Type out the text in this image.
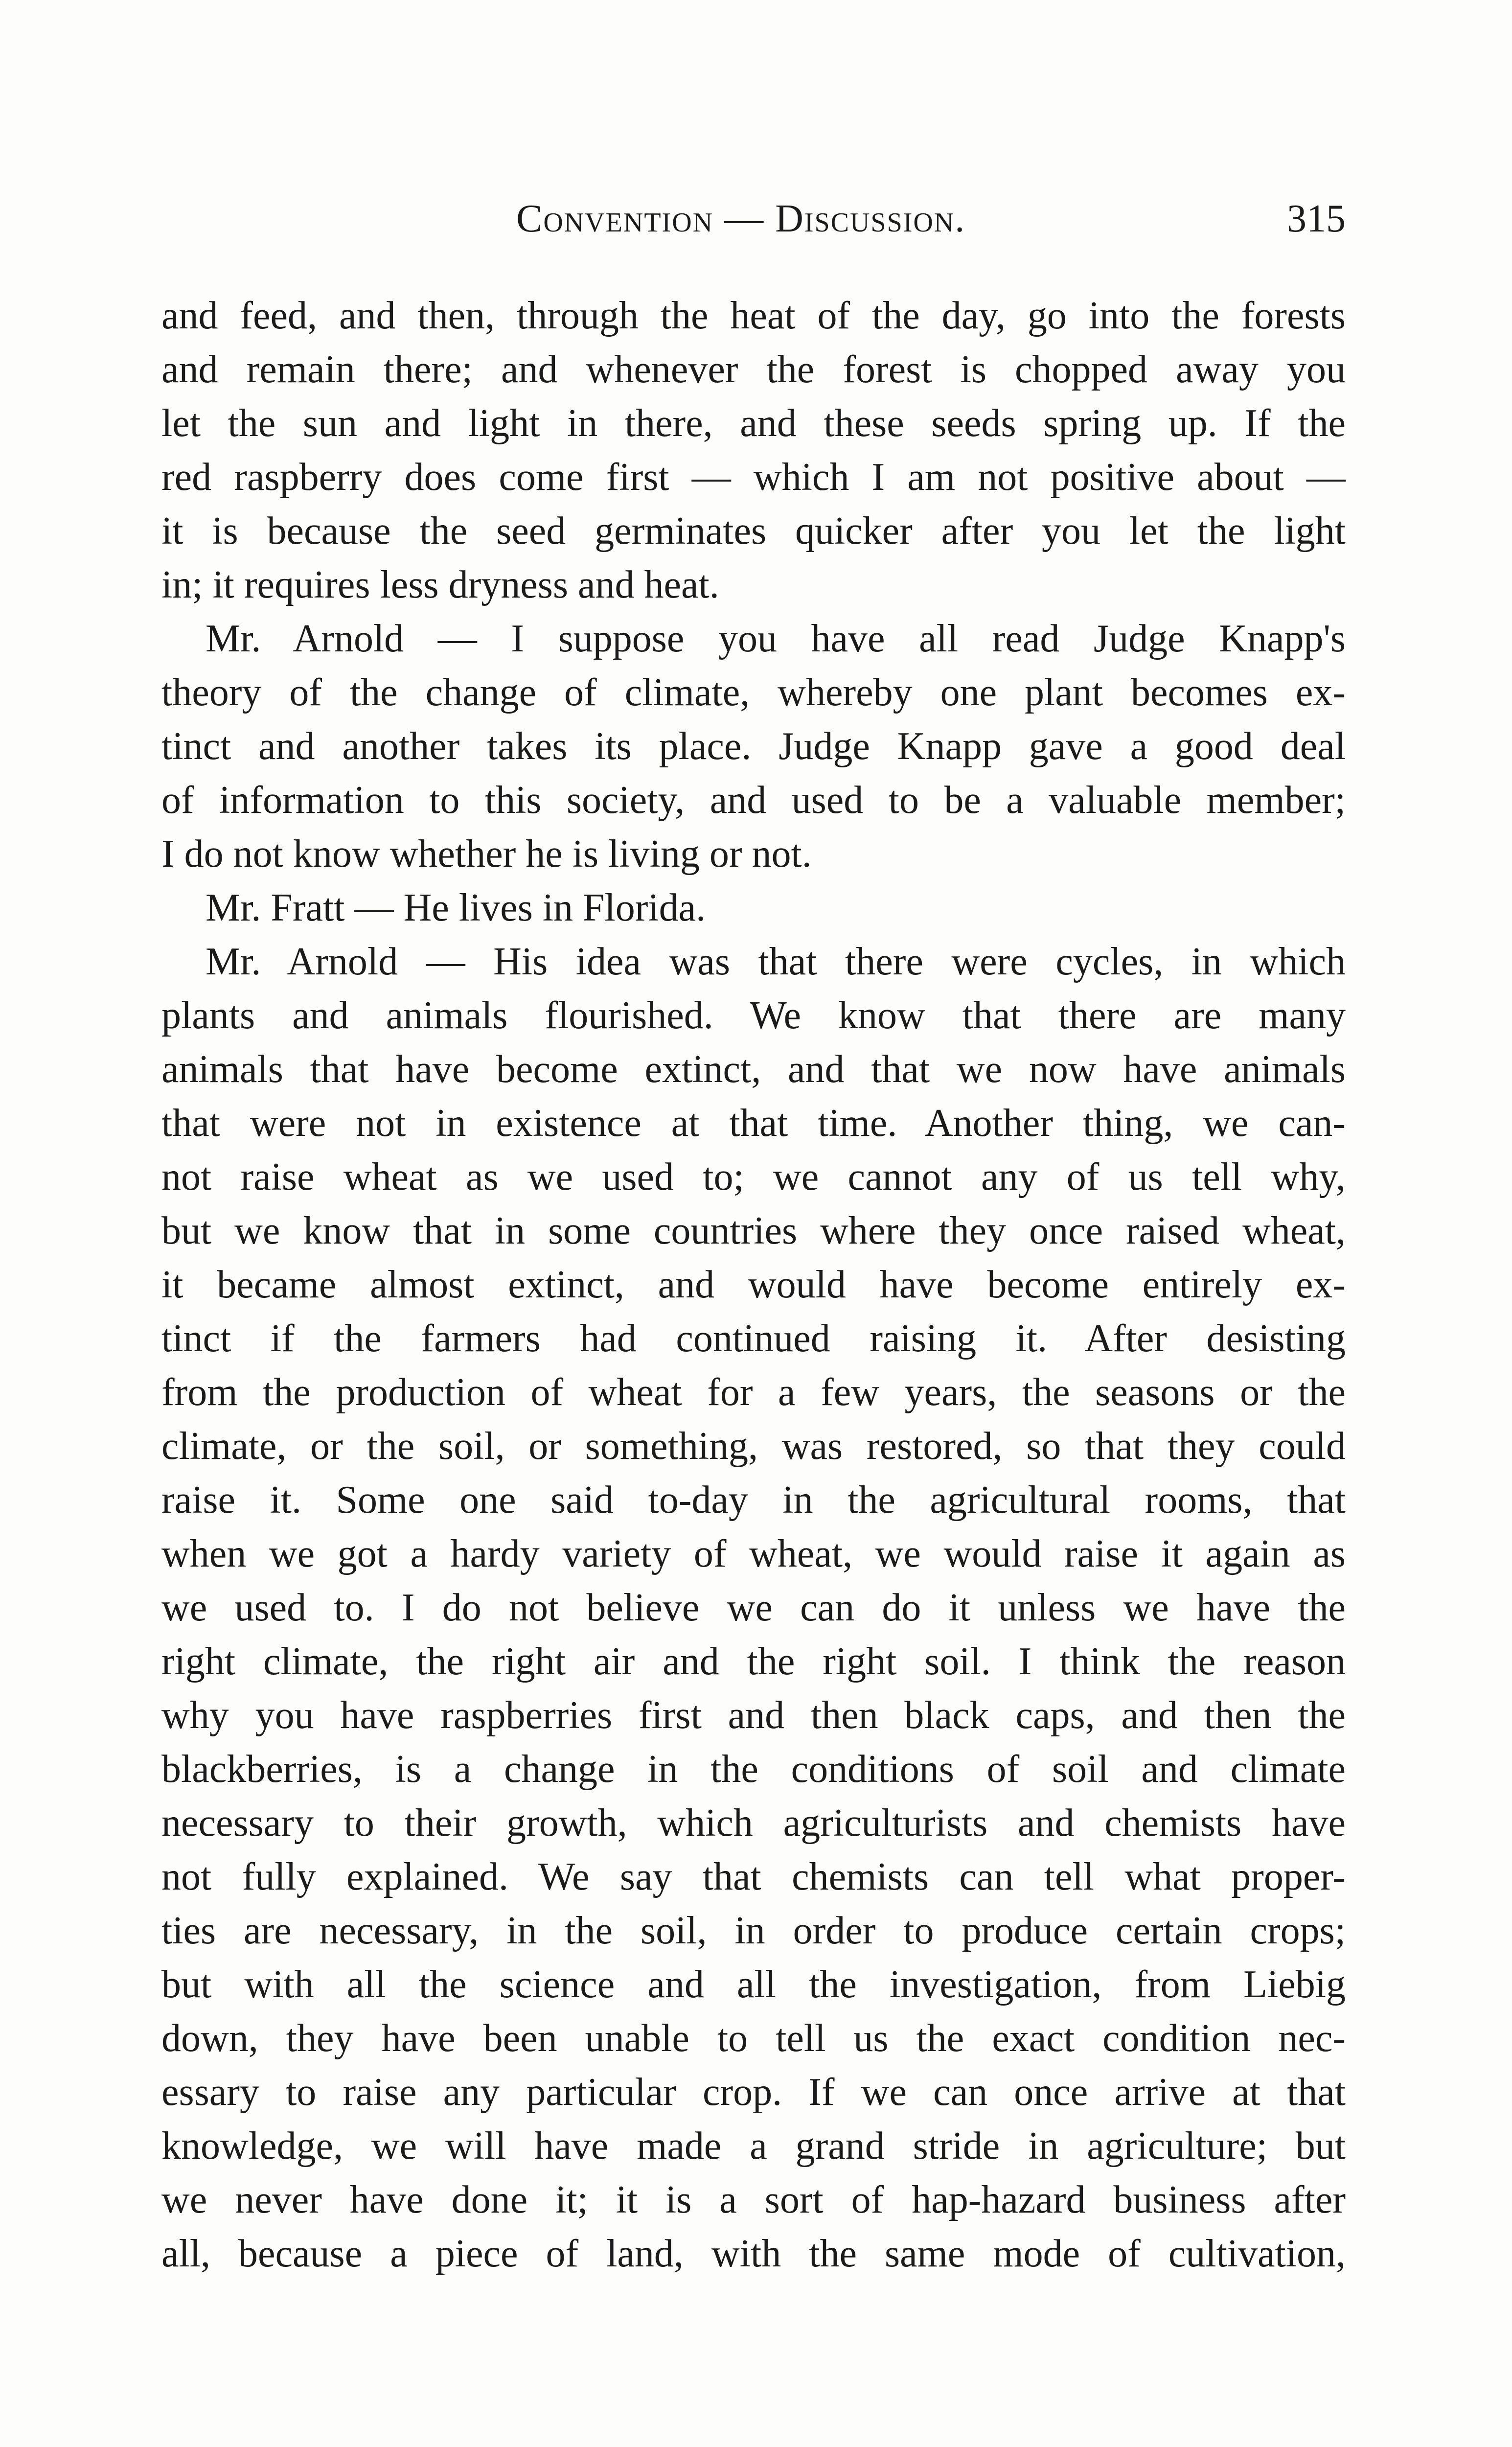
Convention — Discussion.	315
and feed, and then, through the heat of the day, go into the forests
and remain there; and whenever the forest is chopped away you
let the sun and light in there, and these seeds spring up. If the
red raspberry does come first — which I am not positive about —
it is because the seed germinates quicker after you let the light
in; it requires less dryness and heat.
Mr. Arnold — I suppose you have all read Judge Knapp's
theory of the change of climate, whereby one plant becomes ex-
tinct and another takes its place. Judge Knapp gave a good deal
of information to this society, and used to be a valuable member;
I do not know whether he is living or not.
Mr. Fratt — He lives in Florida.
Mr. Arnold — His idea was that there were cycles, in which
plants and animals flourished. We know that there are many
animals that have become extinct, and that we now have animals
that were not in existence at that time. Another thing, we can-
not raise wheat as we used to; we cannot any of us tell why,
but we know that in some countries where they once raised wheat,
it became almost extinct, and would have become entirely ex-
tinct if the farmers had continued raising it. After desisting
from the production of wheat for a few years, the seasons or the
climate, or the soil, or something, was restored, so that they could
raise it. Some one said to-day in the agricultural rooms, that
when we got a hardy variety of wheat, we would raise it again as
we used to. I do not believe we can do it unless we have the
right climate, the right air and the right soil. I think the reason
why you have raspberries first and then black caps, and then the
blackberries, is a change in the conditions of soil and climate
necessary to their growth, which agriculturists and chemists have
not fully explained. We say that chemists can tell what proper-
ties are necessary, in the soil, in order to produce certain crops;
but with all the science and all the investigation, from Liebig
down, they have been unable to tell us the exact condition nec-
essary to raise any particular crop. If we can once arrive at that
knowledge, we will have made a grand stride in agriculture; but
we never have done it; it is a sort of hap-hazard business after
all, because a piece of land, with the same mode of cultivation,
